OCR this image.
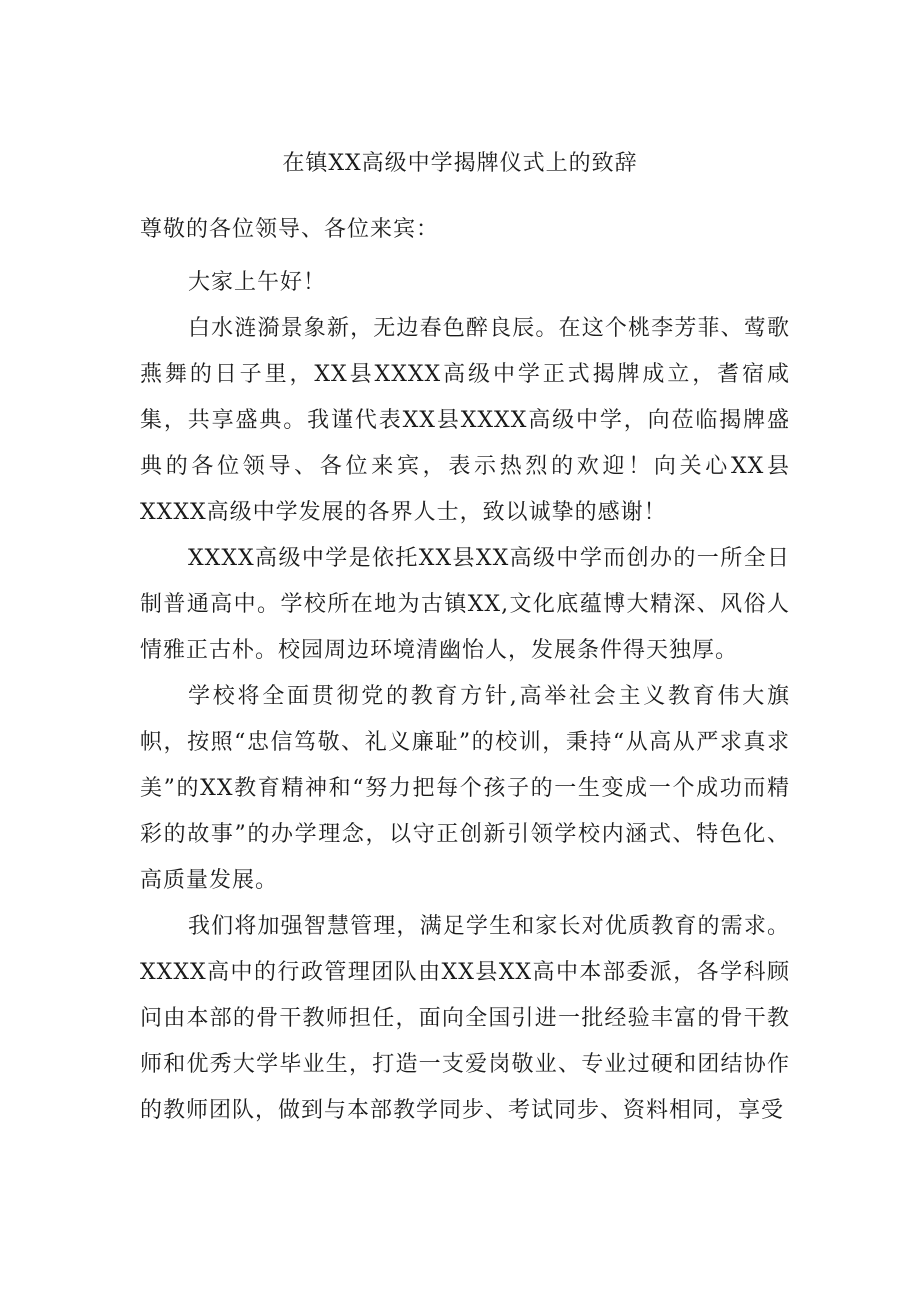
在镇XX高级中学揭牌仪式上的致辞
尊敬的各位领导、各位来宾：

大家上午好！

白水涟漪景象新，无边春色醉良辰。在这个桃李芳菲、莺歌燕舞的日子里，XX县XXXX高级中学正式揭牌成立，耆宿咸集，共享盛典。我谨代表XX县XXXX高级中学，向莅临揭牌盛典的各位领导、各位来宾，表示热烈的欢迎！向关心XX县XXXX高级中学发展的各界人士，致以诚挚的感谢！

XXXX高级中学是依托XX县XX高级中学而创办的一所全日制普通高中。学校所在地为古镇XX,文化底蕴博大精深、风俗人情雅正古朴。校园周边环境清幽怡人，发展条件得天独厚。

学校将全面贯彻党的教育方针,高举社会主义教育伟大旗帜，按照“忠信笃敬、礼义廉耻”的校训，秉持“从高从严求真求美”的XX教育精神和“努力把每个孩子的一生变成一个成功而精彩的故事”的办学理念，以守正创新引领学校内涵式、特色化、高质量发展。

我们将加强智慧管理，满足学生和家长对优质教育的需求。XXXX高中的行政管理团队由XX县XX高中本部委派，各学科顾问由本部的骨干教师担任，面向全国引进一批经验丰富的骨干教师和优秀大学毕业生，打造一支爱岗敬业、专业过硬和团结协作的教师团队，做到与本部教学同步、考试同步、资料相同，享受
